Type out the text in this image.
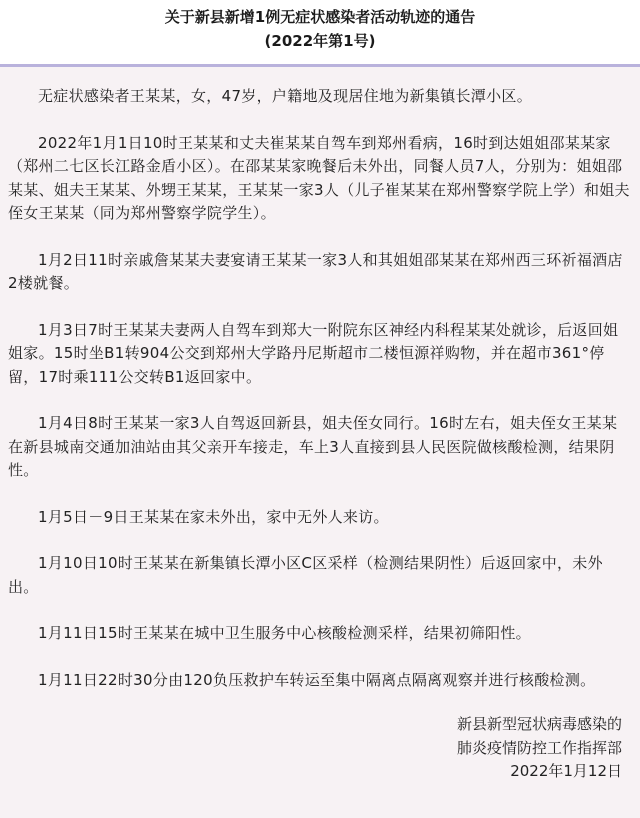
关于新县新增1例无症状感染者活动轨迹的通告
(2022年第1号)

无症状感染者王某某，女，47岁，户籍地及现居住地为新集镇长潭小区。

2022年1月1日10时王某某和丈夫崔某某自驾车到郑州看病，16时到达姐姐邵某某家（郑州二七区长江路金盾小区）。在邵某某家晚餐后未外出，同餐人员7人，分别为：姐姐邵某某、姐夫王某某、外甥王某某，王某某一家3人（儿子崔某某在郑州警察学院上学）和姐夫侄女王某某（同为郑州警察学院学生）。

1月2日11时亲戚詹某某夫妻宴请王某某一家3人和其姐姐邵某某在郑州西三环祈福酒店2楼就餐。

1月3日7时王某某夫妻两人自驾车到郑大一附院东区神经内科程某某处就诊，后返回姐姐家。15时坐B1转904公交到郑州大学路丹尼斯超市二楼恒源祥购物，并在超市361°停留，17时乘111公交转B1返回家中。

1月4日8时王某某一家3人自驾返回新县，姐夫侄女同行。16时左右，姐夫侄女王某某在新县城南交通加油站由其父亲开车接走，车上3人直接到县人民医院做核酸检测，结果阴性。

1月5日－9日王某某在家未外出，家中无外人来访。

1月10日10时王某某在新集镇长潭小区C区采样（检测结果阴性）后返回家中，未外出。

1月11日15时王某某在城中卫生服务中心核酸检测采样，结果初筛阳性。

1月11日22时30分由120负压救护车转运至集中隔离点隔离观察并进行核酸检测。

新县新型冠状病毒感染的
肺炎疫情防控工作指挥部
2022年1月12日
